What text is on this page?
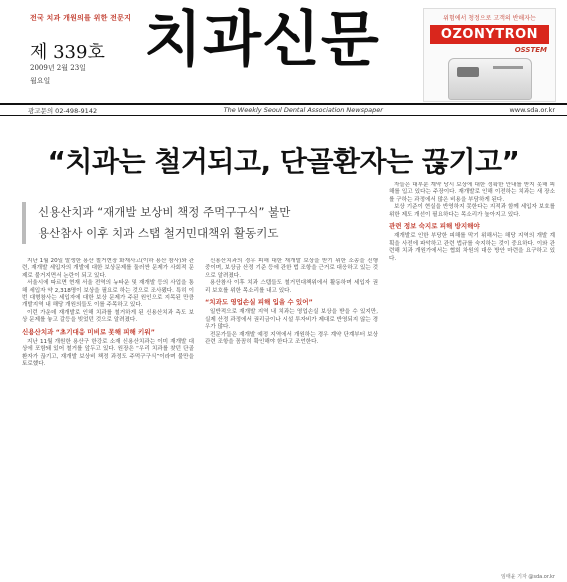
전국 치과 개원의를 위한 전문지
제 339호
2009년 2월 23일
월요일
치 과 신 문	위험에서 청정으로 고객의 반해자는
OZONYTRON
OSSTEM
광고문의 02-498-9142	The Weekly Seoul Dental Association Newspaper	www.sda.or.kr
“치과는 철거되고, 단골환자는 끊기고”
신용산치과 “재개발 보상비 책정 주먹구구식” 불만
용산참사 이후 치과 스탭 철거민대책위 활동키도

지난 1월 20일 발생한 용산 철거현장 화재사고(이하 용산 참사)와 관련, 재개발 세입자의 개발에 대한 보상문제를 둘러싼 문제가 사회적 문제로 불거지면서 논란이 되고 있다.

서울시에 따르면 현재 서울 전역의 뉴타운 및 재개발 등의 사업을 통해 세입자 약 2,318명이 보상을 필요로 하는 것으로 조사됐다. 특히 이번 대형참사는 세입자에 대한 보상 문제가 주된 원인으로 지목된 만큼 개발지역 내 해당 개원의들도 이를 주목하고 있다.

이런 가운데 재개발로 인해 치과를 철거하게 된 신용산치과 측도 보상 문제를 놓고 갈등을 빚었던 것으로 알려졌다.

신용산치과 “초기대응 미비로 못해 피해 키워”

지난 11월 개원한 용산구 한강로 소재 신용산치과는 이미 재개발 대상에 포함돼 있어 철거를 앞두고 있다. 원장은 “우리 치과를 찾던 단골 환자가 끊기고, 재개발 보상비 책정 과정도 주먹구구식”이라며 불만을 토로했다.

신용산치과의 경우 피해 대한 재개발 보상을 받기 위한 소송을 진행 중이며, 보상금 산정 기준 등에 관한 법 조항을 근거로 대응하고 있는 것으로 알려졌다.

용산참사 이후 치과 스탭들도 철거민대책위에서 활동하며 세입자 권리 보호를 위한 목소리를 내고 있다.

“치과도 영업손실 피해 입을 수 있어”

일반적으로 재개발 지역 내 치과는 영업손실 보상을 받을 수 있지만, 실제 산정 과정에서 권리금이나 시설 투자비가 제대로 반영되지 않는 경우가 많다.

전문가들은 재개발 예정 지역에서 개원하는 경우 계약 단계부터 보상 관련 조항을 꼼꼼히 확인해야 한다고 조언한다.

자들은 대부분 계약 당시 보상에 대한 정확한 안내를 받지 못해 피해를 입고 있다는 주장이다. 재개발로 인해 이전하는 치과는 새 장소를 구하는 과정에서 많은 비용을 부담하게 된다.

보상 기준이 현실을 반영하지 못한다는 지적과 함께 세입자 보호를 위한 제도 개선이 필요하다는 목소리가 높아지고 있다.

관련 정보 숙지로 피해 방지해야

재개발로 인한 부당한 피해를 막기 위해서는 해당 지역의 개발 계획을 사전에 파악하고 관련 법규를 숙지하는 것이 중요하다. 이와 관련해 치과 개원가에서는 협회 차원의 대응 방안 마련을 요구하고 있다.

임태윤 기자 @sda.or.kr
